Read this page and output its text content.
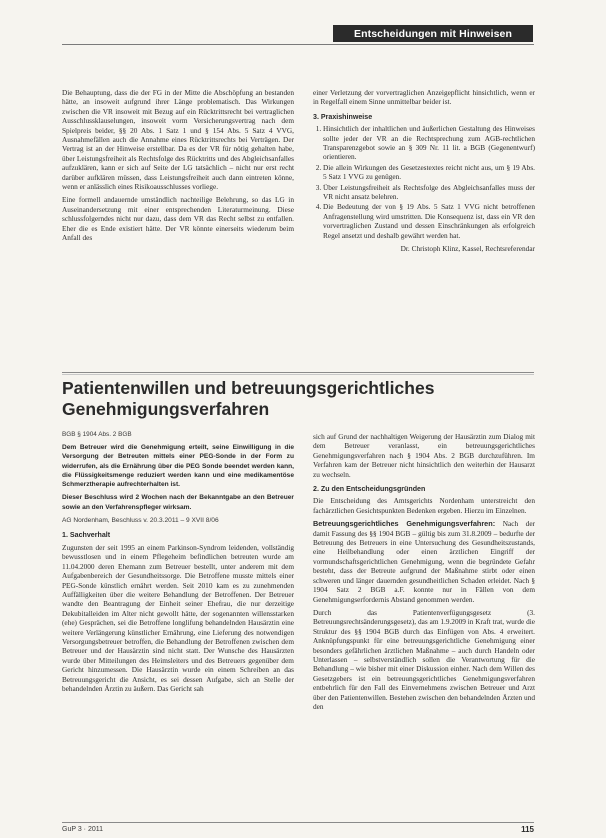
Entscheidungen mit Hinweisen

Die Behauptung, dass die der FG in der Mitte die Abschöpfung an bestanden hätte, an insoweit aufgrund ihrer Länge problematisch. Das Wirkungen zwischen die VR insoweit mit Bezug auf ein Rücktrittsrecht bei vertraglichen Ausschlussklauselungen, insoweit vorm Versicherungsvertrag nach dem Spielpreis beider, §§ 20 Abs. 1 Satz 1 und § 154 Abs. 5 Satz 4 VVG, Ausnahmefällen auch die Annahme eines Rücktrittsrechts bei Verträgen. Der Vertrag ist an der Hinweise erstellbar. Da es der VR für nötig gehalten habe, über Leistungsfreiheit als Rechtsfolge des Rücktritts und des Abgleichsanfalles aufzuklären, kann er sich auf Seite der LG tatsächlich – nicht nur erst recht darüber aufklären müssen, dass Leistungsfreiheit auch dann eintreten könne, wenn er anlässlich eines Risikoausschlusses vorliege.

Eine formell andauernde umständlich nachteilige Belehrung, so das LG in Auseinandersetzung mit einer entsprechenden Literaturmeinung. Diese schlussfolgerndes nicht nur dazu, dass dem VR das Recht selbst zu entfallen. Eher die es Ende existiert hätte. Der VR könnte einerseits wiederum beim Anfall des

einer Verletzung der vorvertraglichen Anzeigepflicht hinsichtlich, wenn er in Regelfall einem Sinne unmittelbar beider ist.

3. Praxishinweise
1. Hinsichtlich der inhaltlichen und äußerlichen Gestaltung des Hinweises sollte jeder der VR an die Rechtsprechung zum AGB-rechtlichen Transparenzgebot sowie an § 309 Nr. 11 lit. a BGB (Gegenentwurf) orientieren.
2. Die allein Wirkungen des Gesetzestextes reicht nicht aus, um § 19 Abs. 5 Satz 1 VVG zu genügen.
3. Über Leistungsfreiheit als Rechtsfolge des Abgleichsanfalles muss der VR nicht ansatz belehren.
4. Die Bedeutung der von § 19 Abs. 5 Satz 1 VVG nicht betroffenen Anfragenstellung wird umstritten. Die Konsequenz ist, dass ein VR den vorvertraglichen Zustand und dessen Einschränkungen als erfolgreich Regel ansetzt und deshalb gewährt werden hat.
Dr. Christoph Klinz, Kassel, Rechtsreferendar
Patientenwillen und betreuungsgerichtliches Genehmigungsverfahren
BGB § 1904 Abs. 2 BGB

Dem Betreuer wird die Genehmigung erteilt, seine Einwilligung in die Versorgung der Betreuten mittels einer PEG-Sonde in der Form zu widerrufen, als die Ernährung über die PEG Sonde beendet werden kann, die Flüssigkeitsmenge reduziert werden kann und eine medikamentöse Schmerztherapie aufrechterhalten ist.

Dieser Beschluss wird 2 Wochen nach der Bekanntgabe an den Betreuer sowie an den Verfahrenspfleger wirksam.

AG Nordenham, Beschluss v. 20.3.2011 – 9 XVII 8/06

1. Sachverhalt

Zugunsten der seit 1995 an einem Parkinson-Syndrom leidenden, vollständig bewusstlosen und in einem Pflegeheim befindlichen betreuten wurde am 11.04.2000 deren Ehemann zum Betreuer bestellt, unter anderem mit dem Aufgabenbereich der Gesundheitssorge. Die Betroffene musste mittels einer PEG-Sonde künstlich ernährt werden. Seit 2010 kam es zu zunehmenden Auffälligkeiten über die weitere Behandlung der Betroffenen. Der Betreuer wandte den Beantragung der Einheit seiner Ehefrau, die nur derzeitige Dekubitalleiden im Alter nicht gewollt hätte, der sogenannten willensstarken (ehe) Gesprächen, sei die Betroffene longlifung behandelnden Hausärztin eine weitere Verlängerung künstlicher Ernährung, eine Lieferung des notwendigen Versorgungsbetreuer betroffen, die Behandlung der Betroffenen zwischen dem Betreuer und der Hausärztin sind nicht statt. Der Wunsche des Hausärzten wurde über Mitteilungen des Heimsleiters und des Betreuers gegenüber dem Gericht hinzumessen. Die Hausärztin wurde ein einem Schreiben an das Betreuungsgericht die Ansicht, es sei dessen Aufgabe, sich an Stelle der behandelnden Ärztin zu äußern. Das Gericht sah

sich auf Grund der nachhaltigen Weigerung der Hausärztin zum Dialog mit dem Betreuer veranlasst, ein betreuungsgerichtliches Genehmigungsverfahren nach § 1904 Abs. 2 BGB durchzuführen. Im Verfahren kam der Betreuer nicht hinsichtlich den weiterhin der Hausarzt zu wechseln.

2. Zu den Entscheidungsgründen

Die Entscheidung des Amtsgerichts Nordenham unterstreicht den fachärztlichen Gesichtspunkten Bedenken ergeben. Hierzu im Einzelnen.

Betreuungsgerichtliches Genehmigungsverfahren: Nach der damit Fassung des §§ 1904 BGB – gültig bis zum 31.8.2009 – bedurfte der Betreuung des Betreuers in eine Untersuchung des Gesundheitszustands, eine Heilbehandlung oder einen ärztlichen Eingriff der vormundschaftsgerichtlichen Genehmigung, wenn die begründete Gefahr besteht, dass der Betreute aufgrund der Maßnahme stirbt oder einen schweren und länger dauernden gesundheitlichen Schaden erleidet. Nach § 1904 Satz 2 BGB a.F. konnte nur in Fällen von dem Genehmigungserfordernis Abstand genommen werden.

Durch das Patientenverfügungsgesetz (3. Betreuungsrechtsänderungsgesetz), das am 1.9.2009 in Kraft trat, wurde die Struktur des §§ 1904 BGB durch das Einfügen von Abs. 4 erweitert. Anknüpfungspunkt für eine betreuungsgerichtliche Genehmigung einer besonders gefährlichen ärztlichen Maßnahme – auch durch Handeln oder Unterlassen – selbstverständlich sollen die Verantwortung für die Behandlung – wie bisher mit einer Diskussion einher. Nach dem Willen des Gesetzgebers ist ein betreuungsgerichtliches Genehmigungsverfahren entbehrlich für den Fall des Einvernehmens zwischen Betreuer und Arzt über den Patientenwillen. Bestehen zwischen den behandelnden Ärzten und den

GuP 3 · 2011	115
